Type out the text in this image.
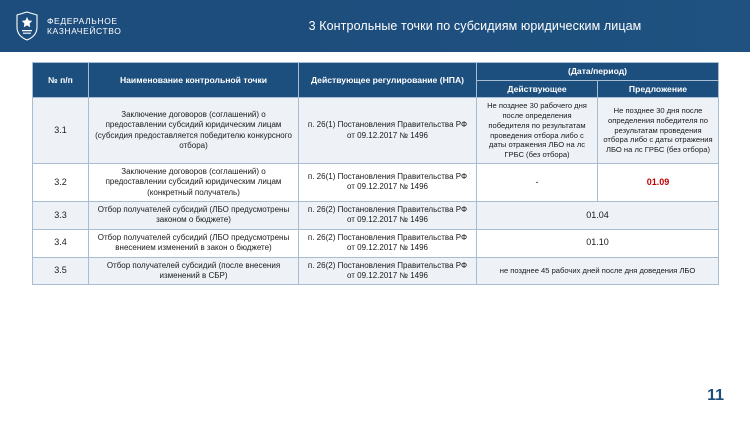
ФЕДЕРАЛЬНОЕ
КАЗНАЧЕЙСТВО	3 Контрольные точки по субсидиям юридическим лицам
№ п/п	Наименование контрольной точки	Действующее регулирование (НПА)	(Дата/период)	
			Действующее	Предложение
3.1	Заключение договоров (соглашений) о предоставлении субсидий юридическим лицам (субсидия предоставляется победителю конкурсного отбора)	п. 26(1) Постановления Правительства РФ от 09.12.2017 № 1496	Не позднее 30 рабочего дня после определения победителя по результатам проведения отбора либо с даты отражения ЛБО на лс ГРБС (без отбора)	Не позднее 30 дня после определения победителя по результатам проведения отбора либо с даты отражения ЛБО на лс ГРБС (без отбора)
3.2	Заключение договоров (соглашений) о предоставлении субсидий юридическим лицам (конкретный получатель)	п. 26(1) Постановления Правительства РФ от 09.12.2017 № 1496	-	01.09
3.3	Отбор получателей субсидий (ЛБО предусмотрены законом о бюджете)	п. 26(2) Постановления Правительства РФ от 09.12.2017 № 1496	01.04	
3.4	Отбор получателей субсидий (ЛБО предусмотрены внесением изменений в закон о бюджете)	п. 26(2) Постановления Правительства РФ от 09.12.2017 № 1496	01.10	
3.5	Отбор получателей субсидий (после внесения изменений в СБР)	п. 26(2) Постановления Правительства РФ от 09.12.2017 № 1496	не позднее 45 рабочих дней после дня доведения ЛБО	
11
